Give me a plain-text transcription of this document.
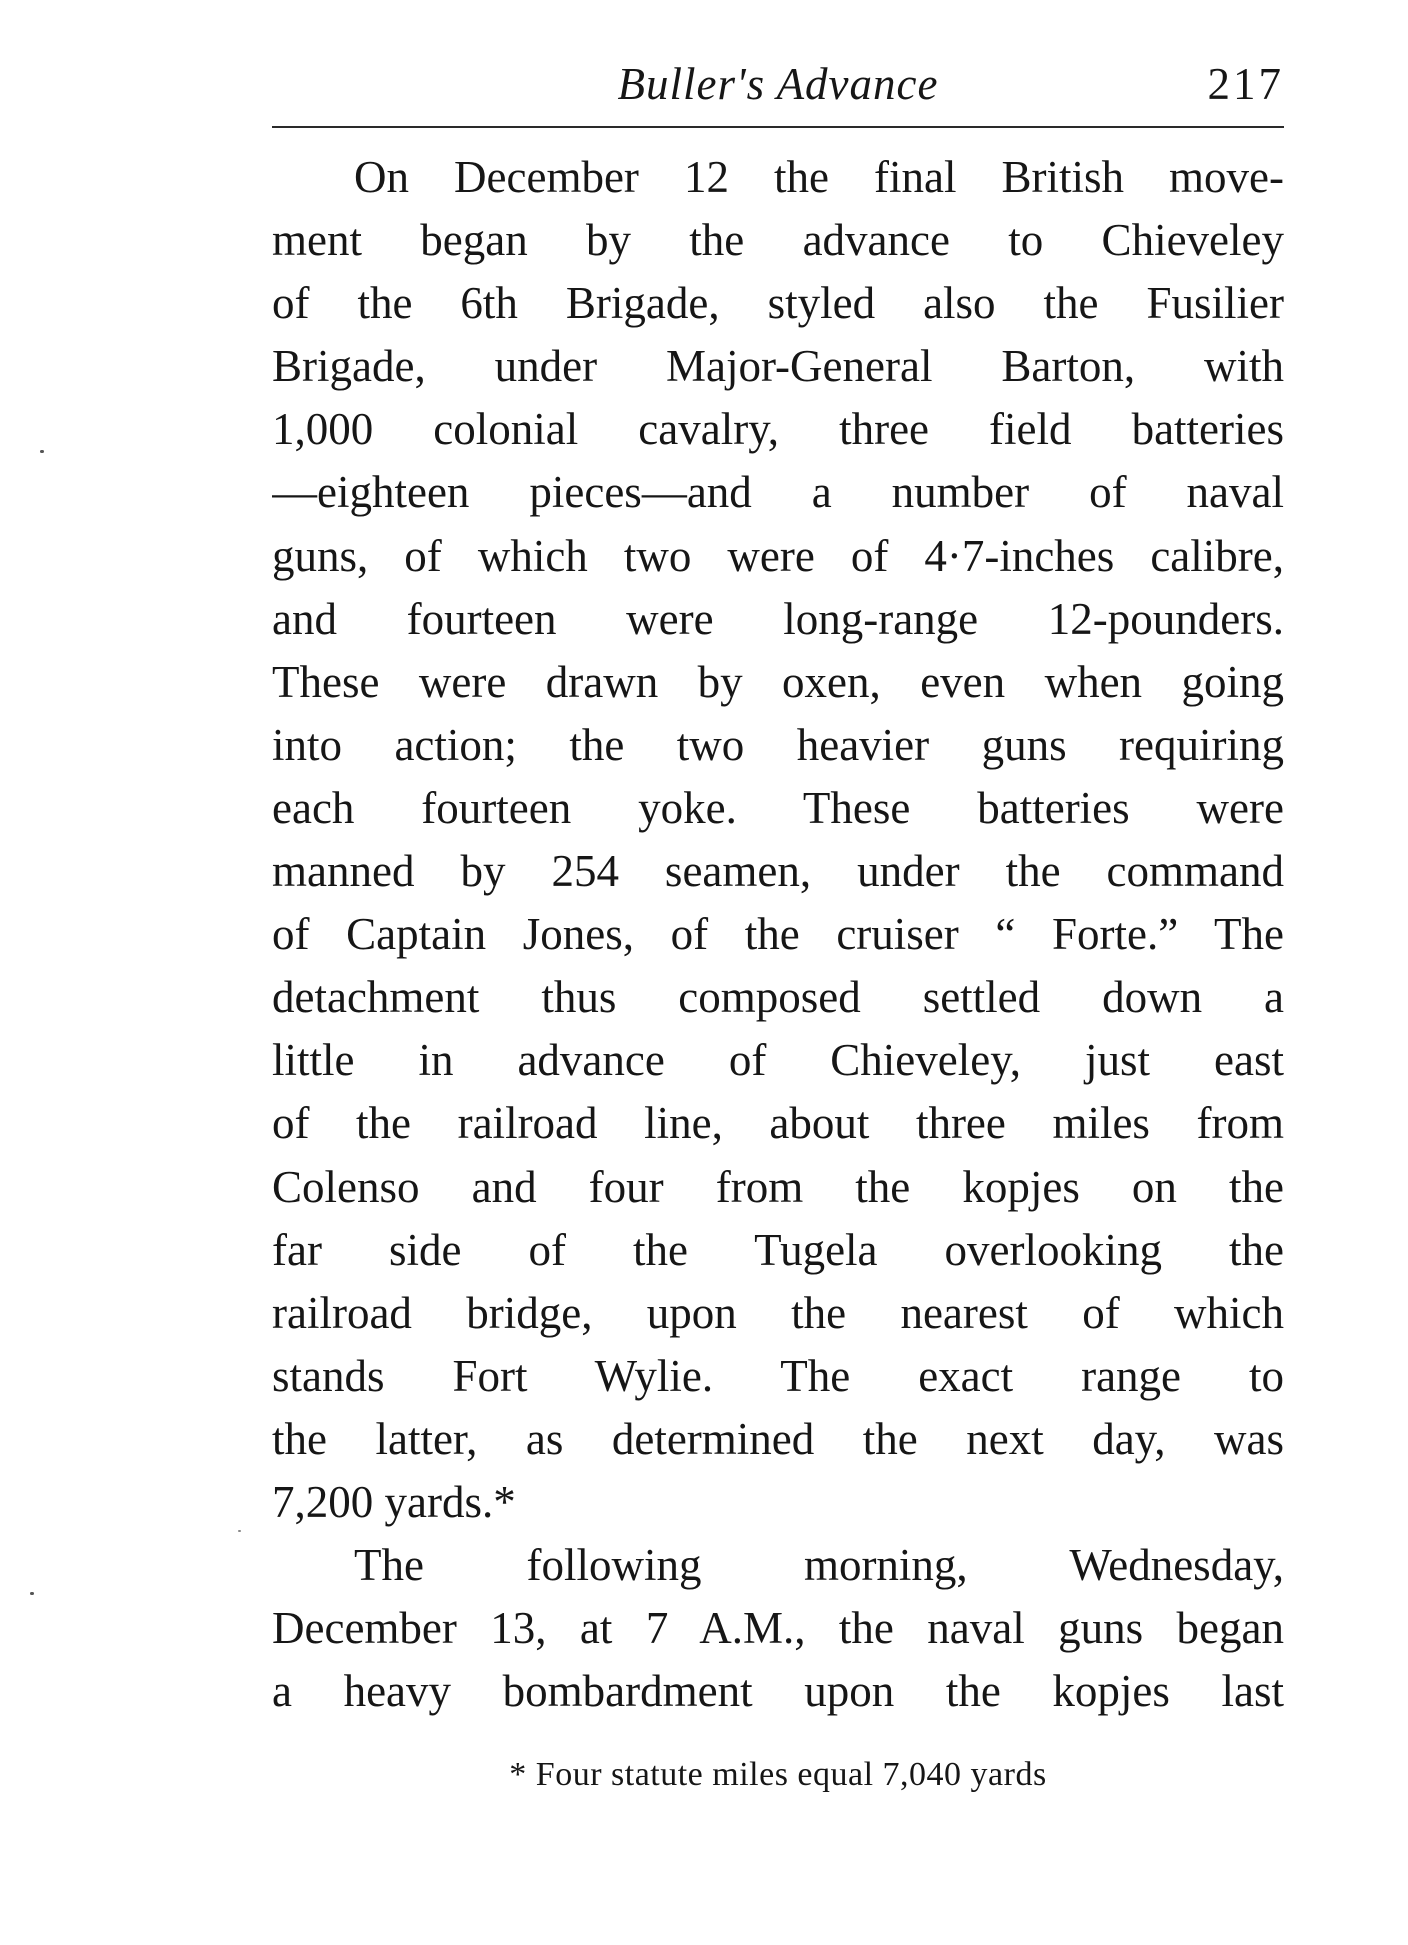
Buller's Advance	217
On December 12 the final British move-
ment began by the advance to Chieveley
of the 6th Brigade, styled also the Fusilier
Brigade, under Major-General Barton, with
1,000 colonial cavalry, three field batteries
—eighteen pieces—and a number of naval
guns, of which two were of 4·7-inches calibre,
and fourteen were long-range 12-pounders.
These were drawn by oxen, even when going
into action; the two heavier guns requiring
each fourteen yoke. These batteries were
manned by 254 seamen, under the command
of Captain Jones, of the cruiser “ Forte.” The
detachment thus composed settled down a
little in advance of Chieveley, just east
of the railroad line, about three miles from
Colenso and four from the kopjes on the
far side of the Tugela overlooking the
railroad bridge, upon the nearest of which
stands Fort Wylie. The exact range to
the latter, as determined the next day, was
7,200 yards.*
The following morning, Wednesday,
December 13, at 7 A.M., the naval guns began
a heavy bombardment upon the kopjes last
* Four statute miles equal 7,040 yards
